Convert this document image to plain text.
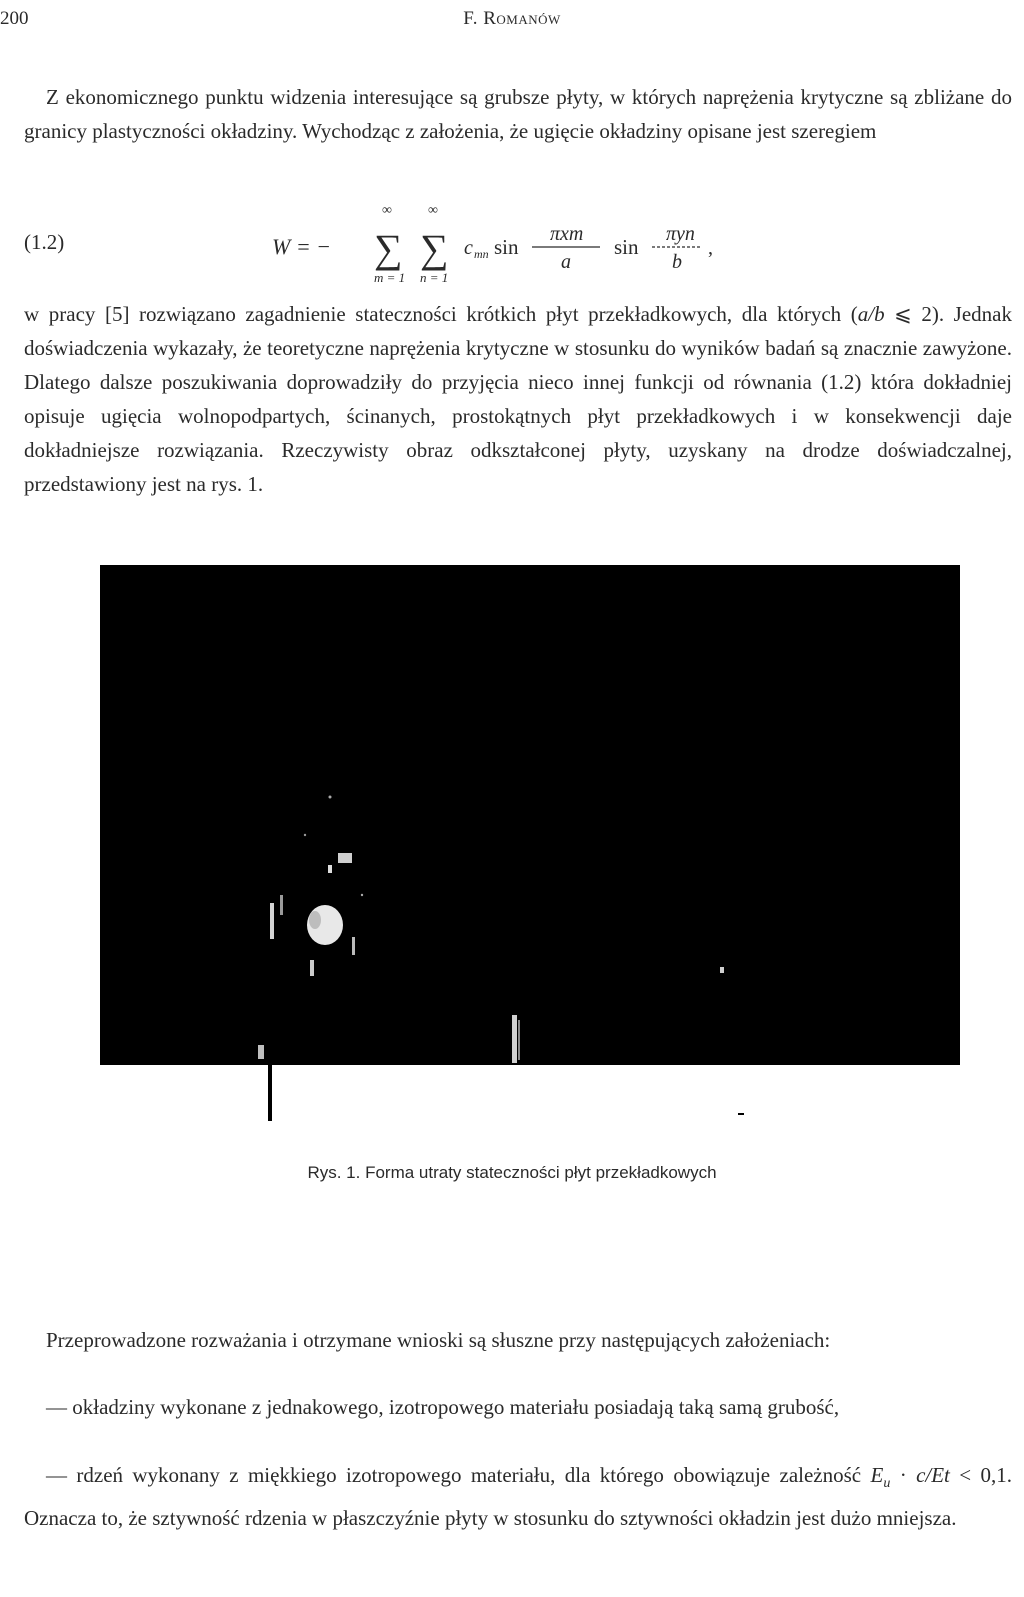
200	F. Romanów

Z ekonomicznego punktu widzenia interesujące są grubsze płyty, w których naprężenia krytyczne są zbliżane do granicy plastyczności okładziny. Wychodząc z założenia, że ugięcie okładziny opisane jest szeregiem

(1.2)	W = −
∞
∑
m = 1
∞
∑
n = 1
c mn sin
πxm
a
sin
πyn
b
,

w pracy [5] rozwiązano zagadnienie stateczności krótkich płyt przekładkowych, dla których (a/b ⩽ 2). Jednak doświadczenia wykazały, że teoretyczne naprężenia krytyczne w stosunku do wyników badań są znacznie zawyżone. Dlatego dalsze poszukiwania doprowadziły do przyjęcia nieco innej funkcji od równania (1.2) która dokładniej opisuje ugięcia wolnopodpartych, ścinanych, prostokątnych płyt przekładkowych i w konsekwencji daje dokładniejsze rozwiązania. Rzeczywisty obraz odkształconej płyty, uzyskany na drodze doświadczalnej, przedstawiony jest na rys. 1.

Rys. 1. Forma utraty stateczności płyt przekładkowych

Przeprowadzone rozważania i otrzymane wnioski są słuszne przy następujących założeniach:

— okładziny wykonane z jednakowego, izotropowego materiału posiadają taką samą grubość,

— rdzeń wykonany z miękkiego izotropowego materiału, dla którego obowiązuje zależność $E_u \cdot c/Et < 0,1$. Oznacza to, że sztywność rdzenia w płaszczyźnie płyty w stosunku do sztywności okładzin jest dużo mniejsza.
